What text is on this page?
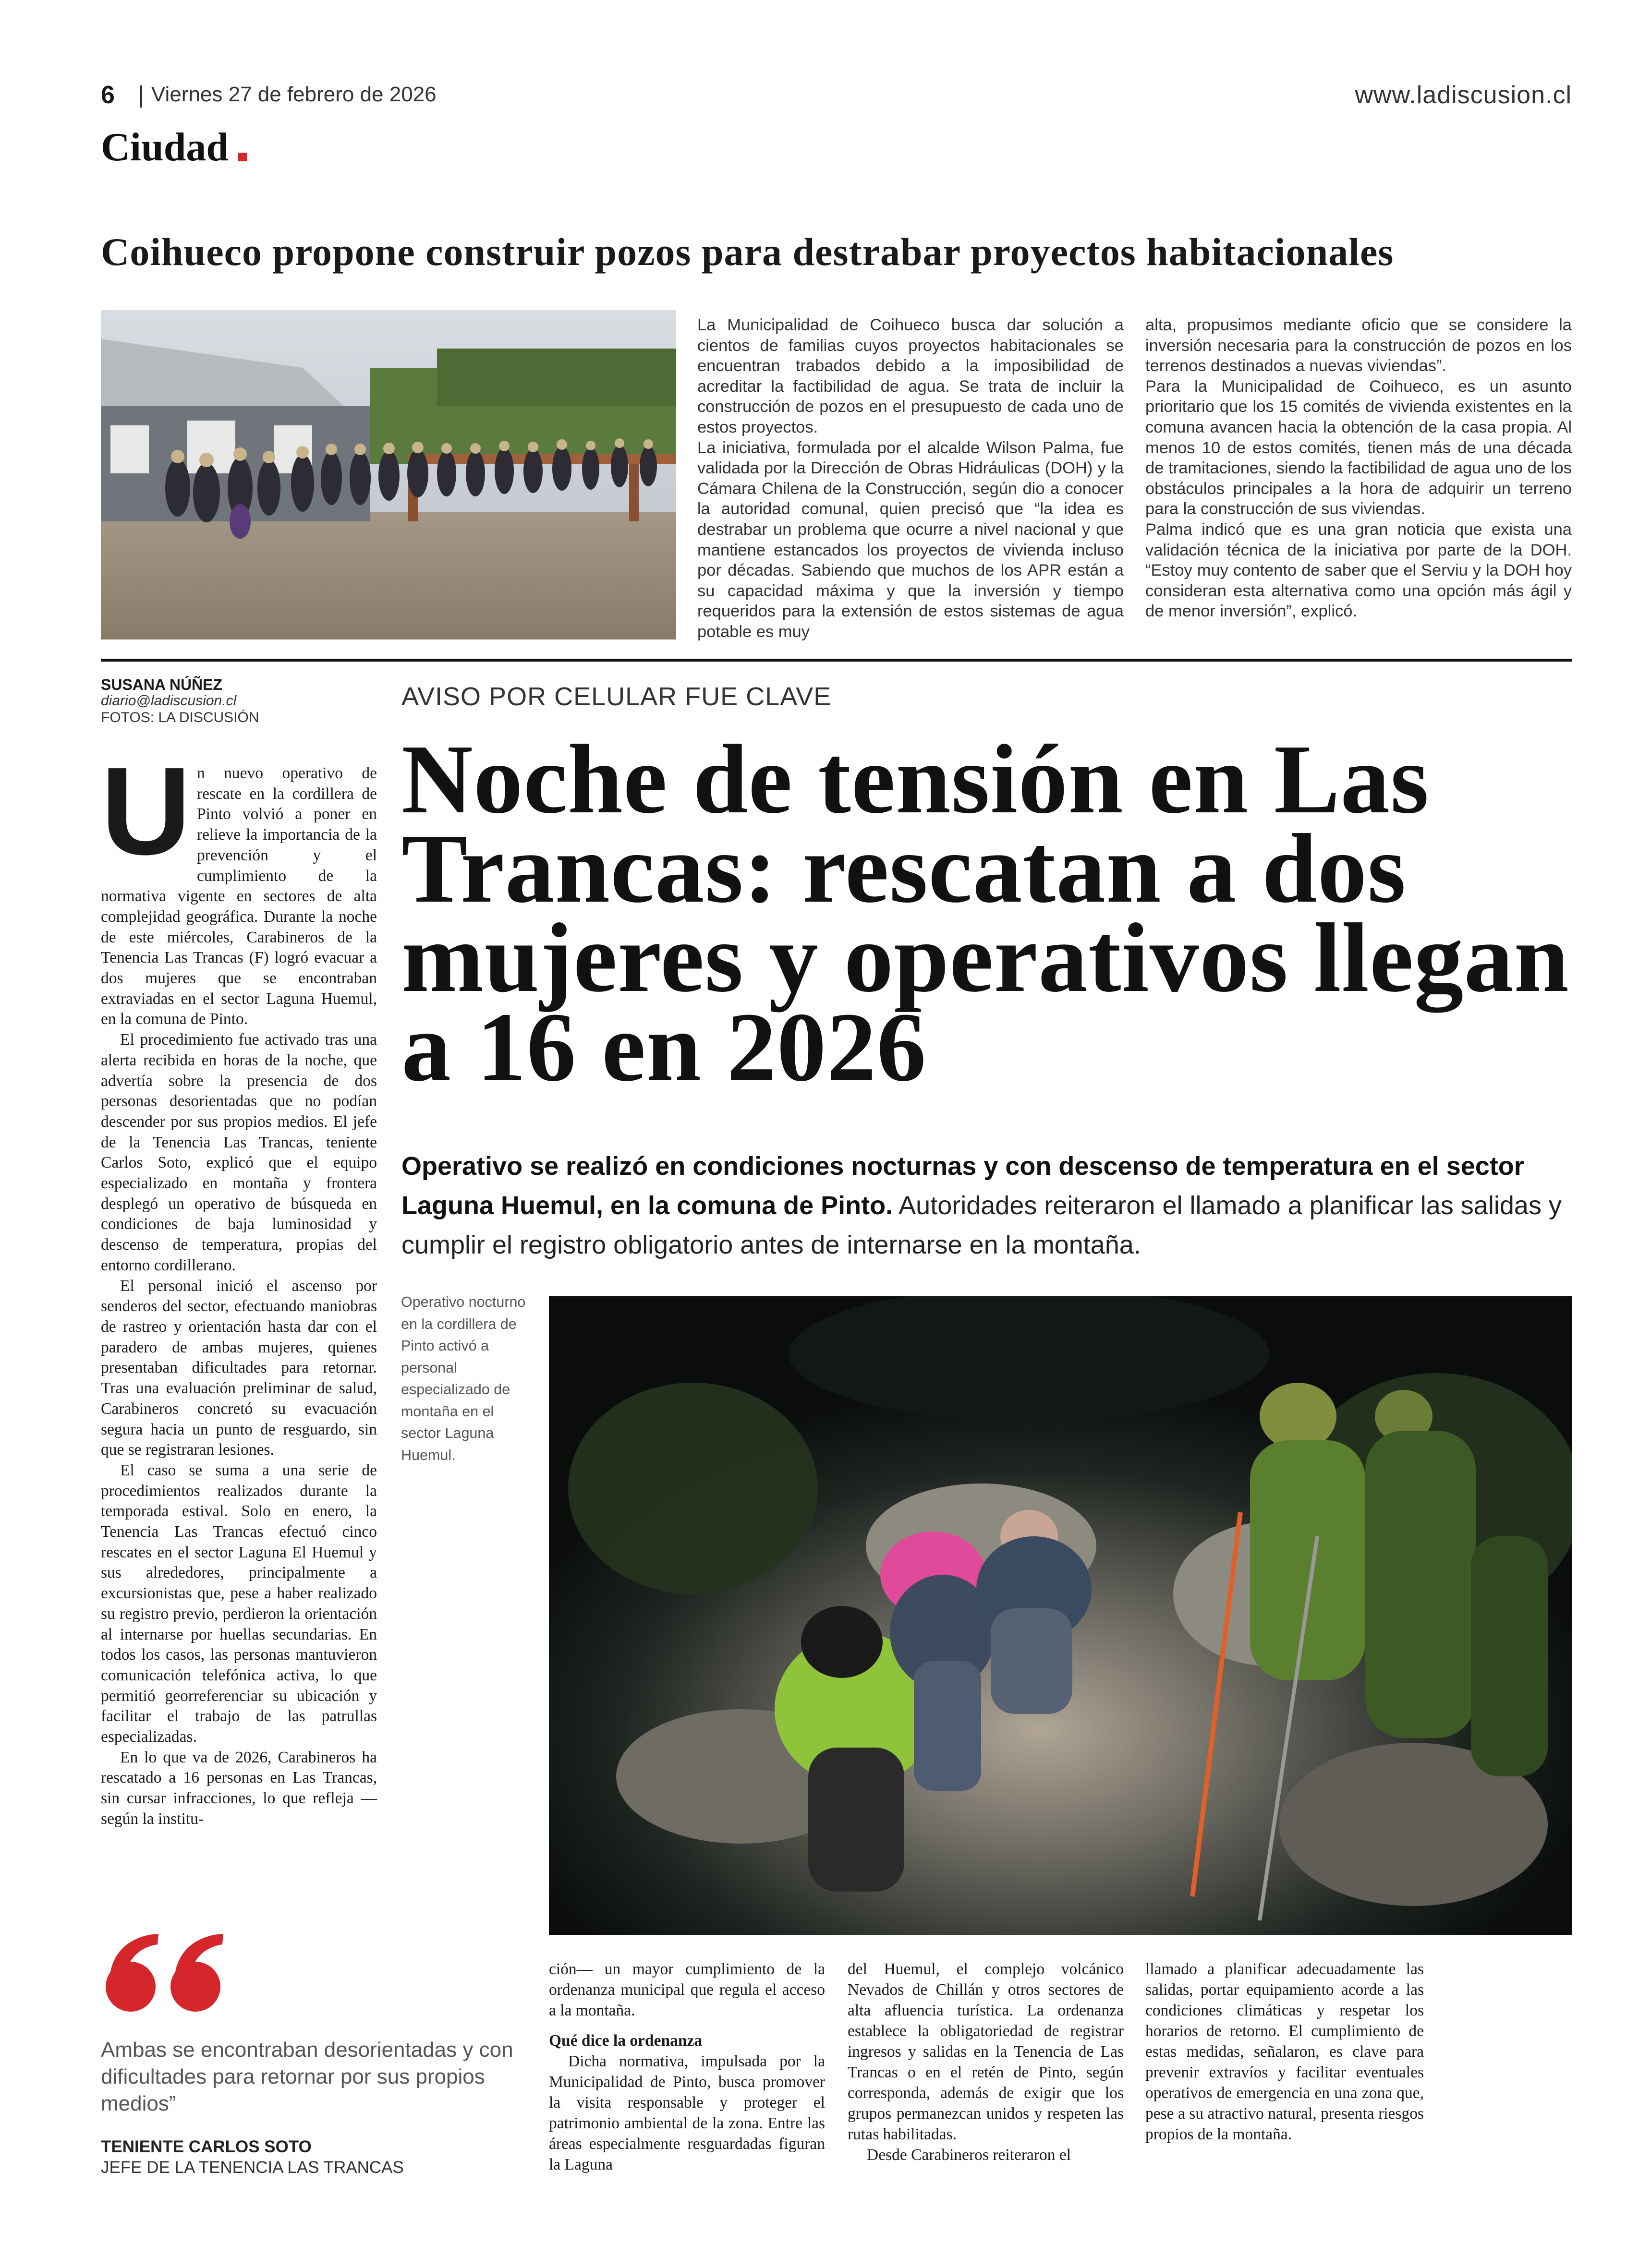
6 Viernes 27 de febrero de 2026	www.ladiscusion.cl
Ciudad
Coihueco propone construir pozos para destrabar proyectos habitacionales

La Municipalidad de Coihueco busca dar solución a cientos de familias cuyos proyectos habitacionales se encuentran trabados debido a la imposibilidad de acreditar la factibilidad de agua. Se trata de incluir la construcción de pozos en el presupuesto de cada uno de estos proyectos.

La iniciativa, formulada por el alcalde Wilson Palma, fue validada por la Dirección de Obras Hidráulicas (DOH) y la Cámara Chilena de la Construcción, según dio a conocer la autoridad comunal, quien precisó que “la idea es destrabar un problema que ocurre a nivel nacional y que mantiene estancados los proyectos de vivienda incluso por décadas. Sabiendo que muchos de los APR están a su capacidad máxima y que la inversión y tiempo requeridos para la extensión de estos sistemas de agua potable es muy

alta, propusimos mediante oficio que se considere la inversión necesaria para la construcción de pozos en los terrenos destinados a nuevas viviendas”.

Para la Municipalidad de Coihueco, es un asunto prioritario que los 15 comités de vivienda existentes en la comuna avancen hacia la obtención de la casa propia. Al menos 10 de estos comités, tienen más de una década de tramitaciones, siendo la factibilidad de agua uno de los obstáculos principales a la hora de adquirir un terreno para la construcción de sus viviendas.

Palma indicó que es una gran noticia que exista una validación técnica de la iniciativa por parte de la DOH. “Estoy muy contento de saber que el Serviu y la DOH hoy consideran esta alternativa como una opción más ágil y de menor inversión”, explicó.

SUSANA NÚÑEZ
diario@ladiscusion.cl
FOTOS: LA DISCUSIÓN
AVISO POR CELULAR FUE CLAVE
Noche de tensión en Las Trancas: rescatan a dos mujeres y operativos llegan a 16 en 2026
Operativo se realizó en condiciones nocturnas y con descenso de temperatura en el sector Laguna Huemul, en la comuna de Pinto. Autoridades reiteraron el llamado a planificar las salidas y cumplir el registro obligatorio antes de internarse en la montaña.
U n nuevo operativo de rescate en la cordillera de Pinto volvió a poner en relieve la importancia de la prevención y el cumplimiento de la normativa vigente en sectores de alta complejidad geográfica. Durante la noche de este miércoles, Carabineros de la Tenencia Las Trancas (F) logró evacuar a dos mujeres que se encontraban extraviadas en el sector Laguna Huemul, en la comuna de Pinto.

El procedimiento fue activado tras una alerta recibida en horas de la noche, que advertía sobre la presencia de dos personas desorientadas que no podían descender por sus propios medios. El jefe de la Tenencia Las Trancas, teniente Carlos Soto, explicó que el equipo especializado en montaña y frontera desplegó un operativo de búsqueda en condiciones de baja luminosidad y descenso de temperatura, propias del entorno cordillerano.

El personal inició el ascenso por senderos del sector, efectuando maniobras de rastreo y orientación hasta dar con el paradero de ambas mujeres, quienes presentaban dificultades para retornar. Tras una evaluación preliminar de salud, Carabineros concretó su evacuación segura hacia un punto de resguardo, sin que se registraran lesiones.

El caso se suma a una serie de procedimientos realizados durante la temporada estival. Solo en enero, la Tenencia Las Trancas efectuó cinco rescates en el sector Laguna El Huemul y sus alrededores, principalmente a excursionistas que, pese a haber realizado su registro previo, perdieron la orientación al internarse por huellas secundarias. En todos los casos, las personas mantuvieron comunicación telefónica activa, lo que permitió georreferenciar su ubicación y facilitar el trabajo de las patrullas especializadas.

En lo que va de 2026, Carabineros ha rescatado a 16 personas en Las Trancas, sin cursar infracciones, lo que refleja —según la institu-

Operativo nocturno en la cordillera de Pinto activó a personal especializado de montaña en el sector Laguna Huemul.

ción— un mayor cumplimiento de la ordenanza municipal que regula el acceso a la montaña.

Qué dice la ordenanza

Dicha normativa, impulsada por la Municipalidad de Pinto, busca promover la visita responsable y proteger el patrimonio ambiental de la zona. Entre las áreas especialmente resguardadas figuran la Laguna

del Huemul, el complejo volcánico Nevados de Chillán y otros sectores de alta afluencia turística. La ordenanza establece la obligatoriedad de registrar ingresos y salidas en la Tenencia de Las Trancas o en el retén de Pinto, según corresponda, además de exigir que los grupos permanezcan unidos y respeten las rutas habilitadas.

Desde Carabineros reiteraron el

llamado a planificar adecuadamente las salidas, portar equipamiento acorde a las condiciones climáticas y respetar los horarios de retorno. El cumplimiento de estas medidas, señalaron, es clave para prevenir extravíos y facilitar eventuales operativos de emergencia en una zona que, pese a su atractivo natural, presenta riesgos propios de la montaña.

Ambas se encontraban desorientadas y con dificultades para retornar por sus propios medios”
TENIENTE CARLOS SOTO
JEFE DE LA TENENCIA LAS TRANCAS
